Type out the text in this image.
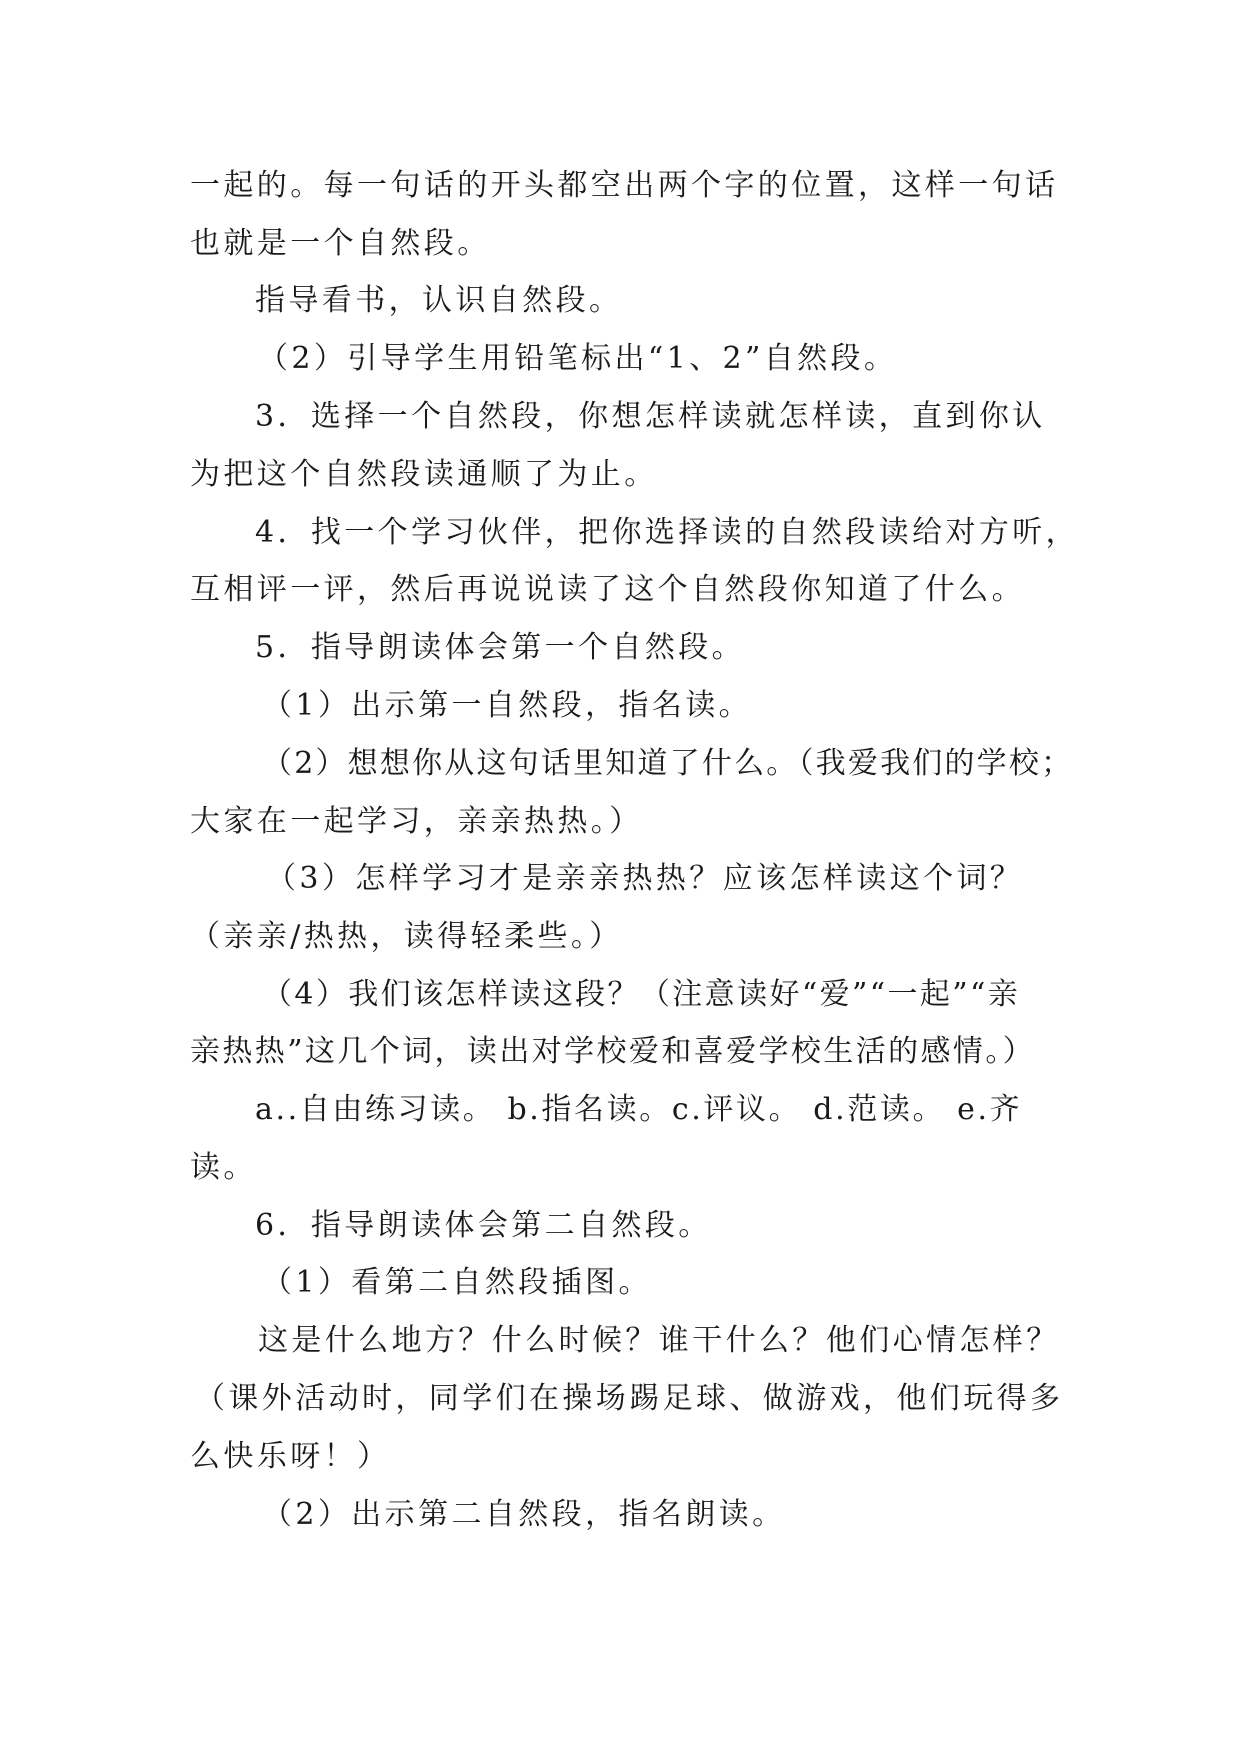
一起的。每一句话的开头都空出两个字的位置，这样一句话
也就是一个自然段。
指导看书，认识自然段。
（2）引导学生用铅笔标出“1、2”自然段。
3．选择一个自然段，你想怎样读就怎样读，直到你认
为把这个自然段读通顺了为止。
4．找一个学习伙伴，把你选择读的自然段读给对方听，
互相评一评，然后再说说读了这个自然段你知道了什么。
5．指导朗读体会第一个自然段。
（1）出示第一自然段，指名读。
（2）想想你从这句话里知道了什么。（我爱我们的学校；
大家在一起学习，亲亲热热。）
（3）怎样学习才是亲亲热热？应该怎样读这个词？
（亲亲/热热，读得轻柔些。）
（4）我们该怎样读这段？（注意读好“爱”“一起”“亲
亲热热”这几个词，读出对学校爱和喜爱学校生活的感情。）
a..自由练习读。 b.指名读。c.评议。 d.范读。 e.齐
读。
6．指导朗读体会第二自然段。
（1）看第二自然段插图。
这是什么地方？什么时候？谁干什么？他们心情怎样？
（课外活动时，同学们在操场踢足球、做游戏，他们玩得多
么快乐呀！）
（2）出示第二自然段，指名朗读。
